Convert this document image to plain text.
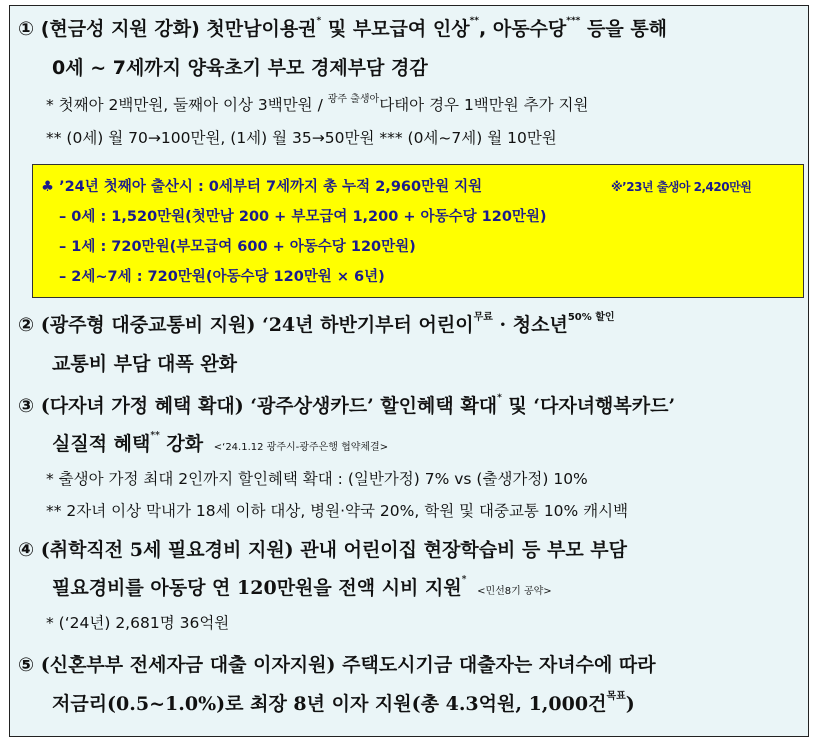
① (현금성 지원 강화) 첫만남이용권* 및 부모급여 인상**, 아동수당*** 등을 통해
0세 ~ 7세까지 양육초기 부모 경제부담 경감
* 첫째아 2백만원, 둘째아 이상 3백만원 / $^{광주 출생아}$다태아 경우 1백만원 추가 지원
** (0세) 월 70→100만원, (1세) 월 35→50만원 *** (0세~7세) 월 10만원
♣ ’24년 첫째아 출산시 : 0세부터 7세까지 총 누적 2,960만원 지원	※’23년 출생아 2,420만원
– 0세 : 1,520만원(첫만남 200 + 부모급여 1,200 + 아동수당 120만원)
– 1세 : 720만원(부모급여 600 + 아동수당 120만원)
– 2세~7세 : 720만원(아동수당 120만원 × 6년)
② (광주형 대중교통비 지원) ‘24년 하반기부터 어린이$^{무료}$ · 청소년$^{50\% 할인}$
교통비 부담 대폭 완화
③ (다자녀 가정 혜택 확대) ‘광주상생카드’ 할인혜택 확대* 및 ‘다자녀행복카드’
실질적 혜택** 강화 <‘24.1.12 광주시-광주은행 협약체결>
* 출생아 가정 최대 2인까지 할인혜택 확대 : (일반가정) 7% vs (출생가정) 10%
** 2자녀 이상 막내가 18세 이하 대상, 병원·약국 20%, 학원 및 대중교통 10% 캐시백
④ (취학직전 5세 필요경비 지원) 관내 어린이집 현장학습비 등 부모 부담
필요경비를 아동당 연 120만원을 전액 시비 지원* <민선8기 공약>
* (‘24년) 2,681명 36억원
⑤ (신혼부부 전세자금 대출 이자지원) 주택도시기금 대출자는 자녀수에 따라
저금리(0.5~1.0%)로 최장 8년 이자 지원(총 4.3억원, 1,000건$^{목표}$)
